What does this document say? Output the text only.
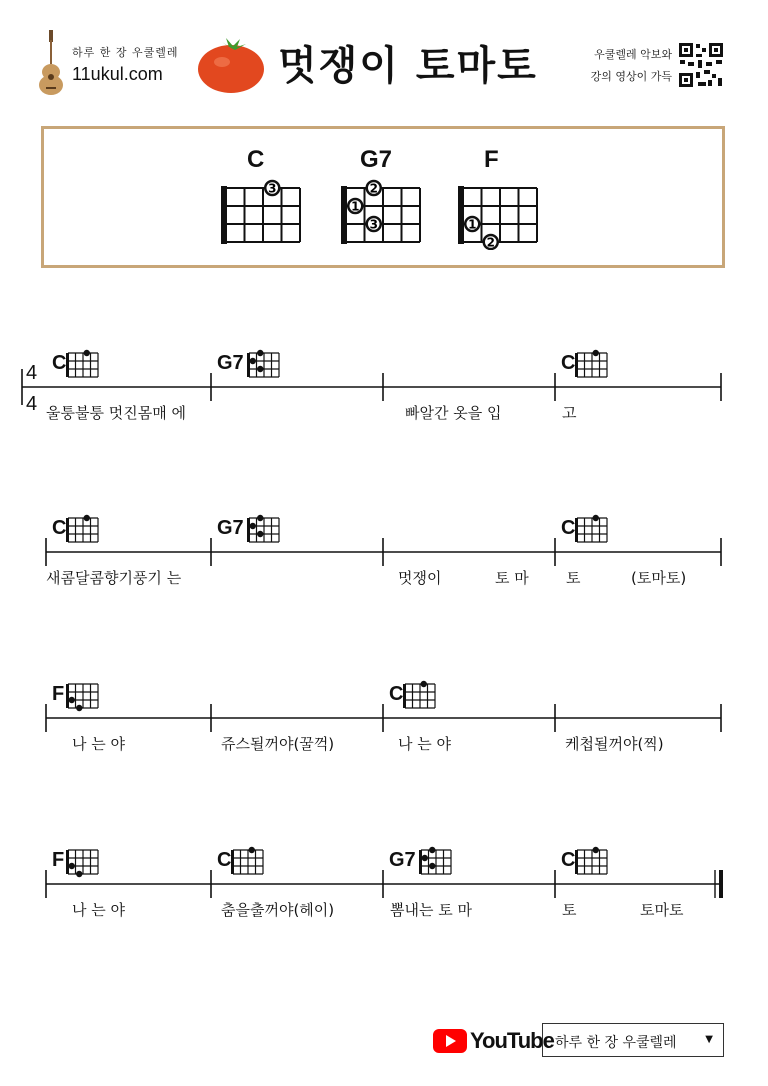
하루 한 장 우쿨렐레
11ukul.com	멋쟁이 토마토	우쿨렐레 악보와
강의 영상이 가득
C
3
G7
1
2
3
F
1
2
C	G7	C
울퉁불퉁 멋진몸매 에	빠알간 옷을 입	고
C	G7	C
새콤달콤향기풍기 는	멋쟁이	토 마 토	(토마토)
F	C
나 는 야	쥬스될꺼야(꿀꺽)	나 는 야	케첩될꺼야(찍)
F	C	G7	C
나 는 야	춤을출꺼야(헤이)	뽐내는 토 마	토	토마토
4
4
YouTube 하루 한 장 우쿨렐레	▼
